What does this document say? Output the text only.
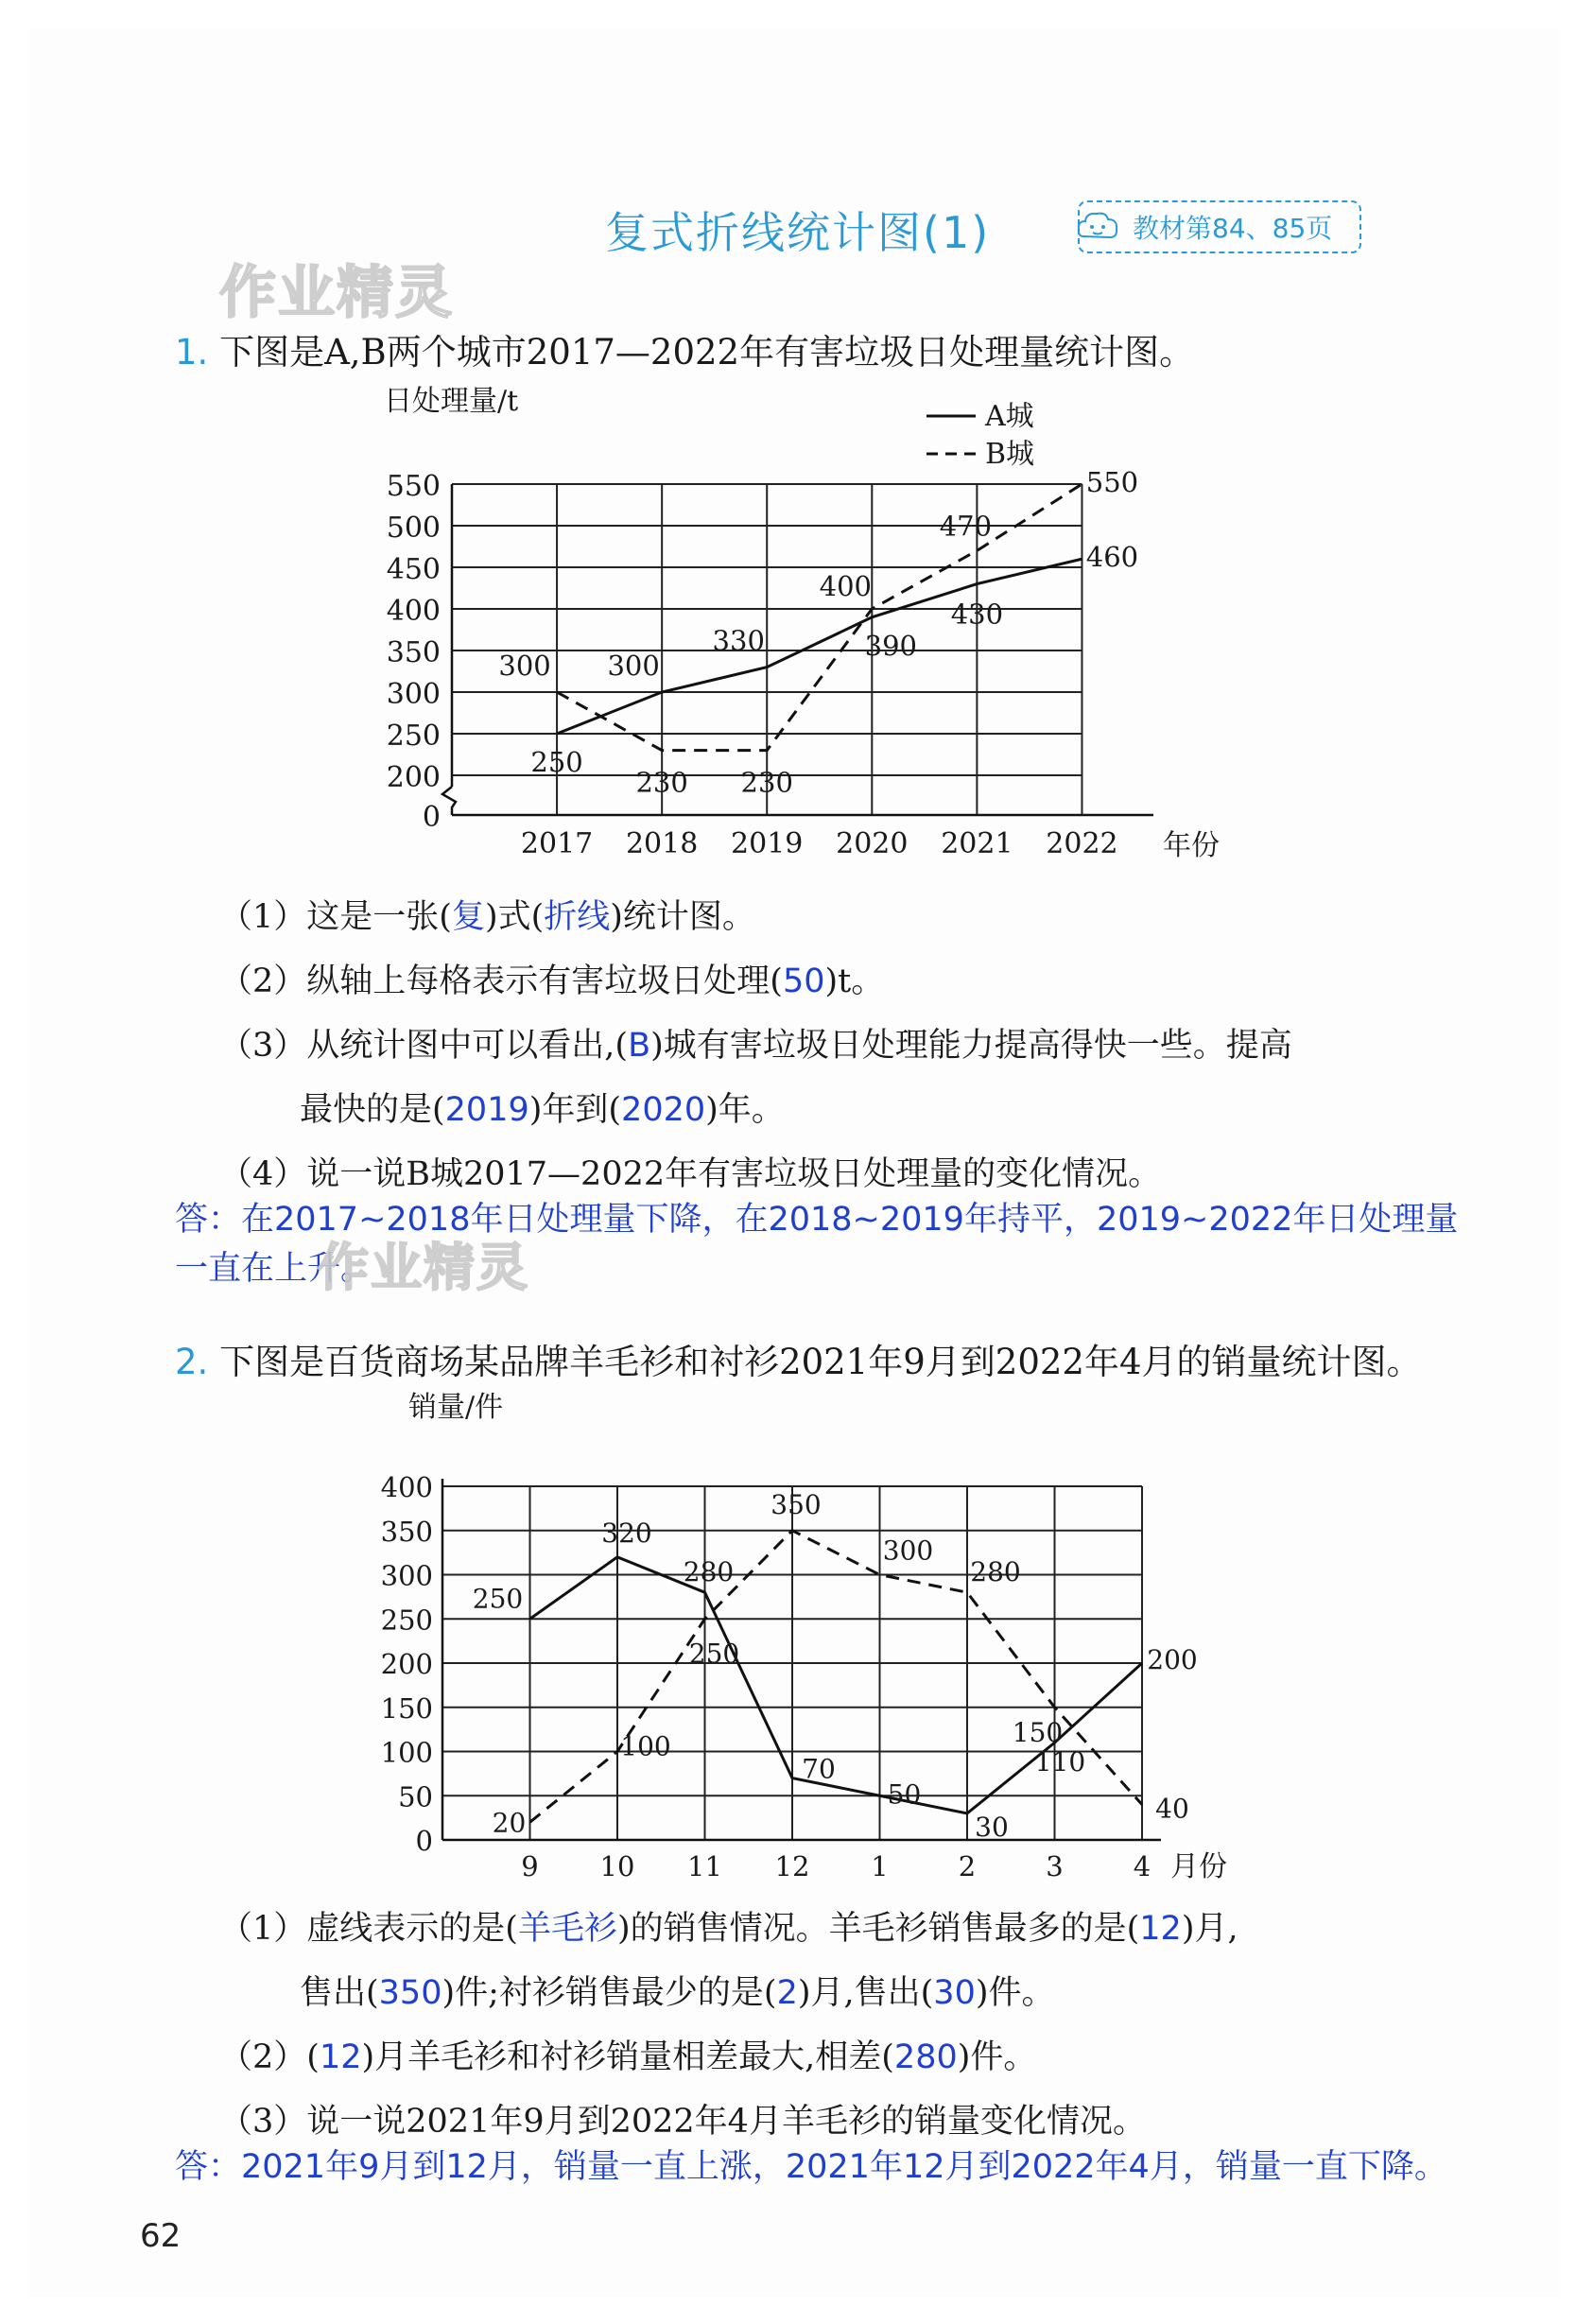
复式折线统计图(1)	教材第84、85页
作业精灵
1. 下图是A,B两个城市2017—2022年有害垃圾日处理量统计图。
0
200
250
300
350
400
450
500
550
2017 2018 2019 2020 2021 2022
日处理量/t
年份
A城
B城
250
300
330	390
430
460
300
230 230
400
470
550
（1）这是一张(复)式(折线)统计图。
（2）纵轴上每格表示有害垃圾日处理(50)t。
（3）从统计图中可以看出,(B)城有害垃圾日处理能力提高得快一些。提高
最快的是(2019)年到(2020)年。
（4）说一说B城2017—2022年有害垃圾日处理量的变化情况。
答：在2017~2018年日处理量下降，在2018~2019年持平，2019~2022年日处理量
一直在上升。
作业精灵
2. 下图是百货商场某品牌羊毛衫和衬衫2021年9月到2022年4月的销量统计图。
0
50
100
150
200
250
300
350
400
9 10 11 12 1	2	3	4
销量/件
月份
250
320
280
70
50
30
110
200
20
100
250
350
300
280
150
40
（1）虚线表示的是(羊毛衫)的销售情况。羊毛衫销售最多的是(12)月,
售出(350)件;衬衫销售最少的是(2)月,售出(30)件。
（2）(12)月羊毛衫和衬衫销量相差最大,相差(280)件。
（3）说一说2021年9月到2022年4月羊毛衫的销量变化情况。
答：2021年9月到12月，销量一直上涨，2021年12月到2022年4月，销量一直下降。
62
